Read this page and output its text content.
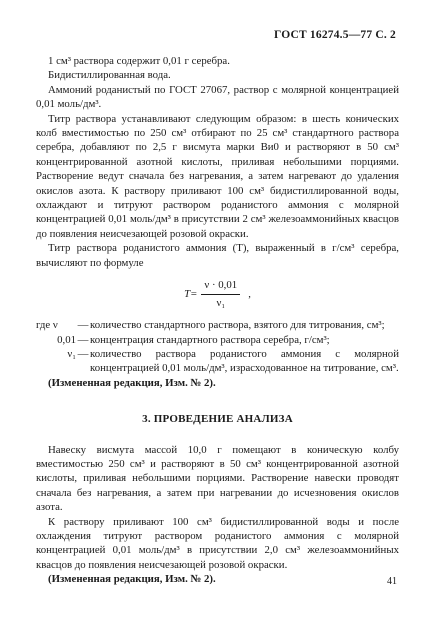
ГОСТ 16274.5—77 С. 2

1 см³ раствора содержит 0,01 г серебра.

Бидистиллированная вода.

Аммоний роданистый по ГОСТ 27067, раствор с молярной концентрацией 0,01 моль/дм³.

Титр раствора устанавливают следующим образом: в шесть конических колб вместимостью по 250 см³ отбирают по 25 см³ стандартного раствора серебра, добавляют по 2,5 г висмута марки Ви0 и растворяют в 50 см³ концентрированной азотной кислоты, приливая небольшими порциями. Растворение ведут сначала без нагревания, а затем нагревают до удаления окислов азота. К раствору приливают 100 см³ бидистиллированной воды, охлаждают и титруют раствором роданистого аммония с молярной концентрацией 0,01 моль/дм³ в присутствии 2 см³ железоаммонийных квасцов до появления неисчезающей розовой окраски.

Титр раствора роданистого аммония (T), выраженный в г/см³ серебра, вычисляют по формуле

$T= \frac{\nu \cdot 0,01}{\text{ν₁}}$ ,
где ν	— количество стандартного раствора, взятого для титрования, см³;
0,01 — концентрация стандартного раствора серебра, г/см³;
ν₁ — количество раствора роданистого аммония с молярной концентрацией 0,01 моль/дм³, израсходованное на титрование, см³.

(Измененная редакция, Изм. № 2).

3. ПРОВЕДЕНИЕ АНАЛИЗА

Навеску висмута массой 10,0 г помещают в коническую колбу вместимостью 250 см³ и растворяют в 50 см³ концентрированной азотной кислоты, приливая небольшими порциями. Растворение навески проводят сначала без нагревания, а затем при нагревании до исчезновения окислов азота.

К раствору приливают 100 см³ бидистиллированной воды и после охлаждения титруют раствором роданистого аммония с молярной концентрацией 0,01 моль/дм³ в присутствии 2,0 см³ железоаммонийных квасцов до появления неисчезающей розовой окраски.

(Измененная редакция, Изм. № 2).	41
